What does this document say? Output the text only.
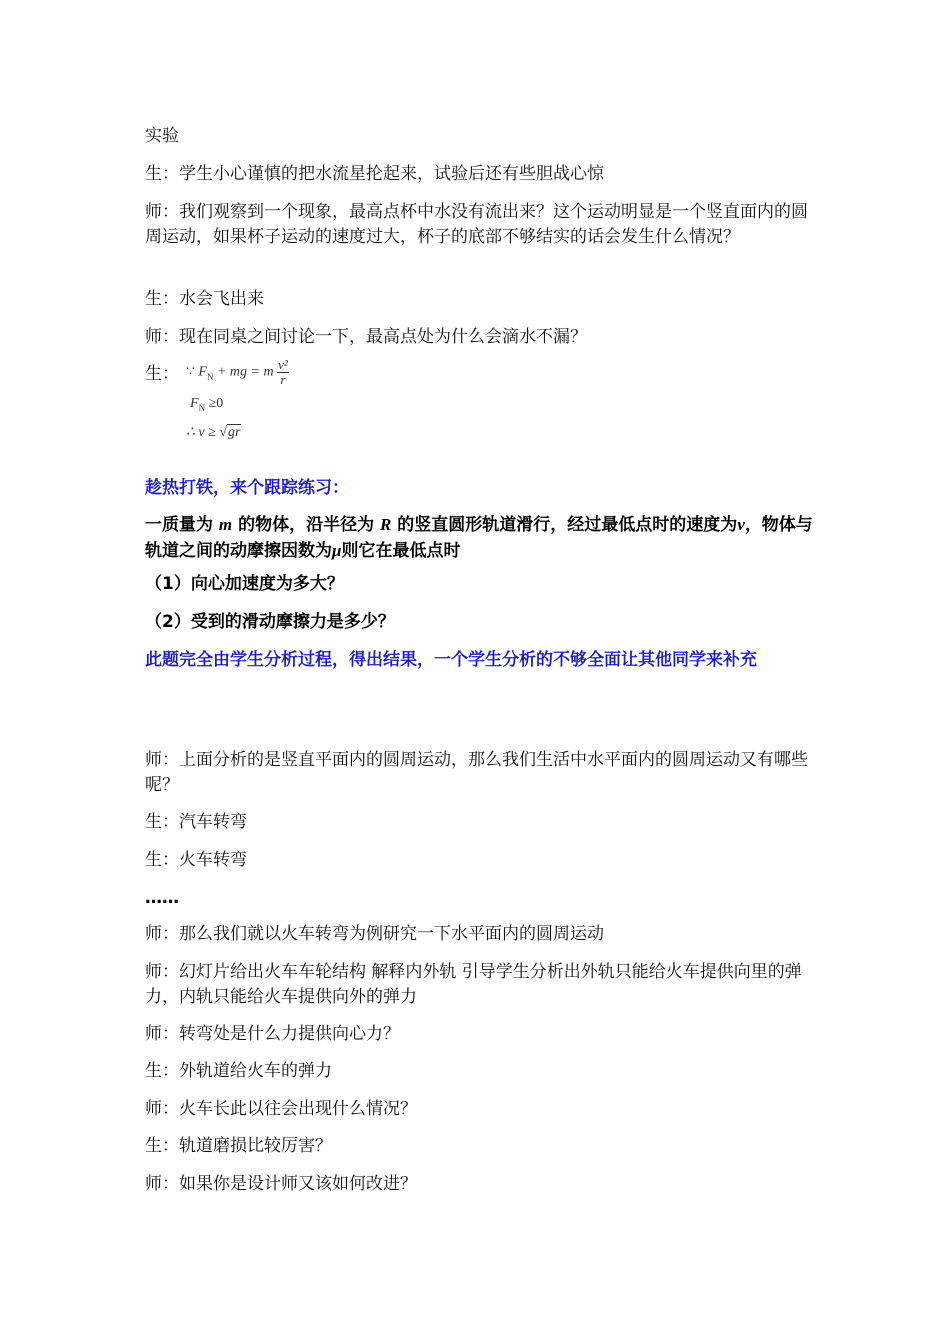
实验
生：学生小心谨慎的把水流星抡起来，试验后还有些胆战心惊
师：我们观察到一个现象，最高点杯中水没有流出来？这个运动明显是一个竖直面内的圆周运动，如果杯子运动的速度过大，杯子的底部不够结实的话会发生什么情况？
生：水会飞出来
师：现在同桌之间讨论一下，最高点处为什么会滴水不漏？
生： ∵ $F_N$ + mg = m $\frac{\text{v²}}{r}$
$F_N \ge 0$
∴ v ≥ √gr
趁热打铁，来个跟踪练习：
一质量为 m 的物体，沿半径为 R 的竖直圆形轨道滑行，经过最低点时的速度为v，物体与轨道之间的动摩擦因数为μ则它在最低点时
（1）向心加速度为多大？
（2）受到的滑动摩擦力是多少？
此题完全由学生分析过程，得出结果，一个学生分析的不够全面让其他同学来补充
师：上面分析的是竖直平面内的圆周运动，那么我们生活中水平面内的圆周运动又有哪些呢？
生：汽车转弯
生：火车转弯
……
师：那么我们就以火车转弯为例研究一下水平面内的圆周运动
师：幻灯片给出火车车轮结构 解释内外轨 引导学生分析出外轨只能给火车提供向里的弹力，内轨只能给火车提供向外的弹力
师：转弯处是什么力提供向心力？
生：外轨道给火车的弹力
师：火车长此以往会出现什么情况？
生：轨道磨损比较厉害？
师：如果你是设计师又该如何改进？
